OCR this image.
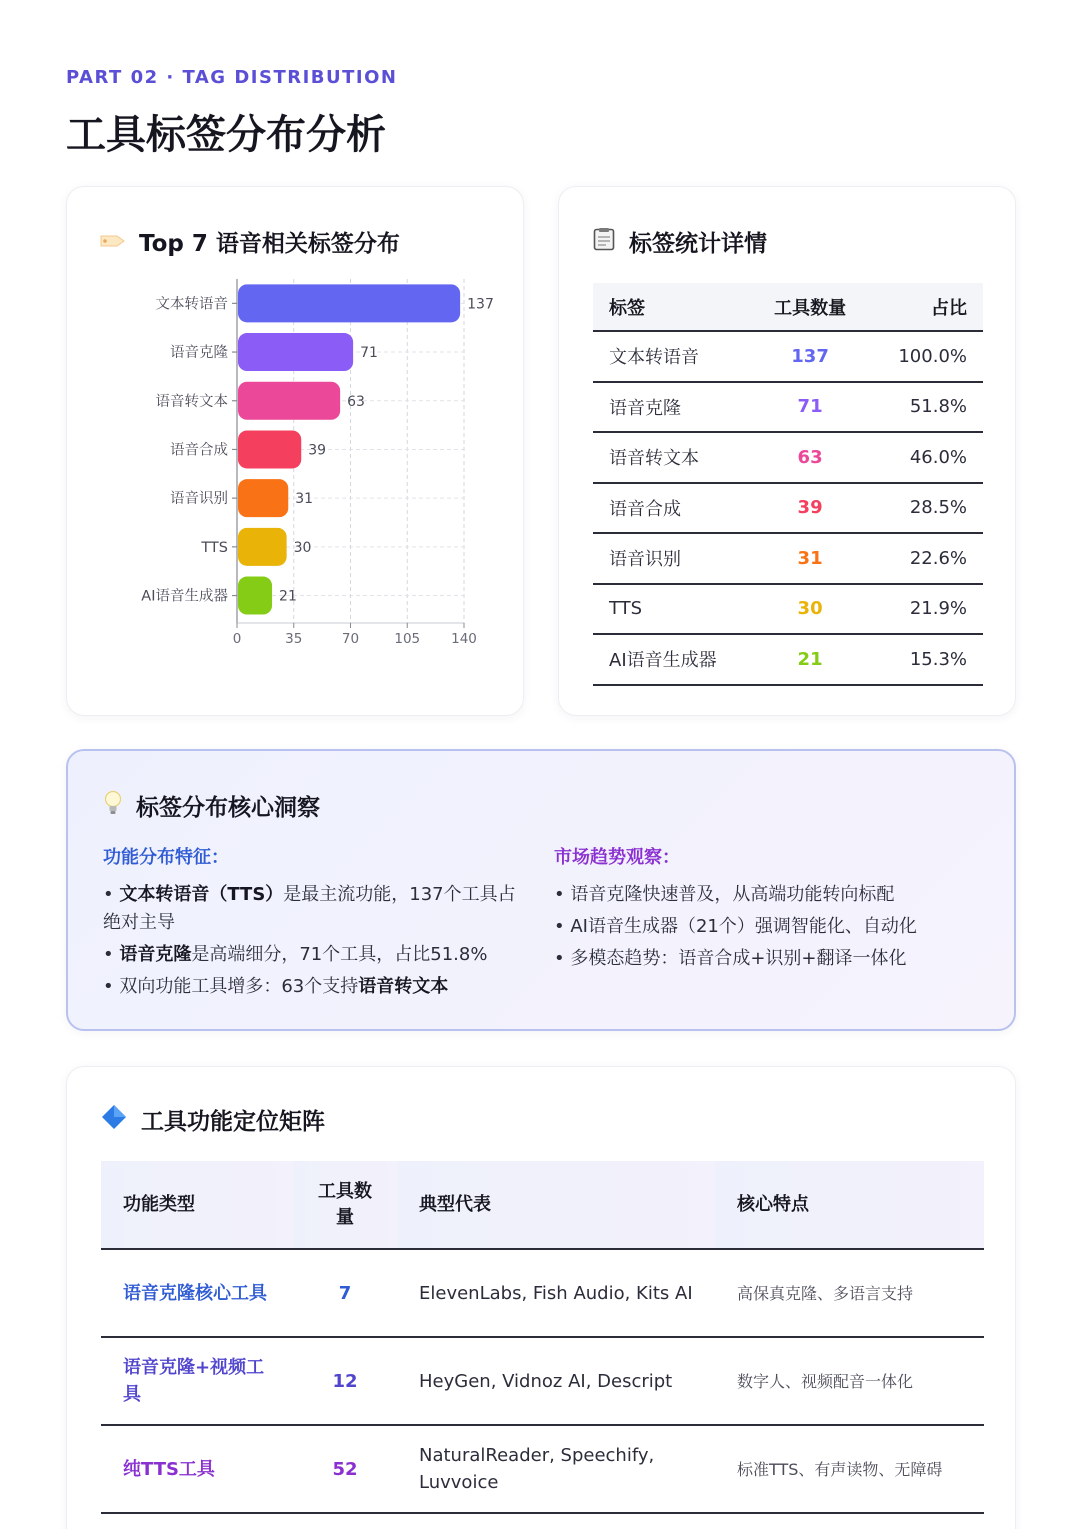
PART 02 · TAG DISTRIBUTION
工具标签分布分析
Top 7 语音相关标签分布
文本转语音	137
语音克隆	71
语音转文本	63
语音合成	39
语音识别	31
TTS	30
AI语音生成器	21
0	35	70	105 140
标签统计详情
标签	工具数量	占比
文本转语音	137	100.0%
语音克隆	71	51.8%
语音转文本	63	46.0%
语音合成	39	28.5%
语音识别	31	22.6%
TTS	30	21.9%
AI语音生成器	21	15.3%
标签分布核心洞察
功能分布特征：
• 文本转语音（TTS）是最主流功能，137个工具占绝对主导
• 语音克隆是高端细分，71个工具，占比51.8%
• 双向功能工具增多：63个支持语音转文本
市场趋势观察：
• 语音克隆快速普及，从高端功能转向标配
• AI语音生成器（21个）强调智能化、自动化
• 多模态趋势：语音合成+识别+翻译一体化
工具功能定位矩阵
功能类型	工具数量	典型代表	核心特点
语音克隆核心工具	7	ElevenLabs, Fish Audio, Kits AI	高保真克隆、多语言支持
语音克隆+视频工具	12	HeyGen, Vidnoz AI, Descript	数字人、视频配音一体化
纯TTS工具	52	NaturalReader, Speechify, Luvvoice	标准TTS、有声读物、无障碍
